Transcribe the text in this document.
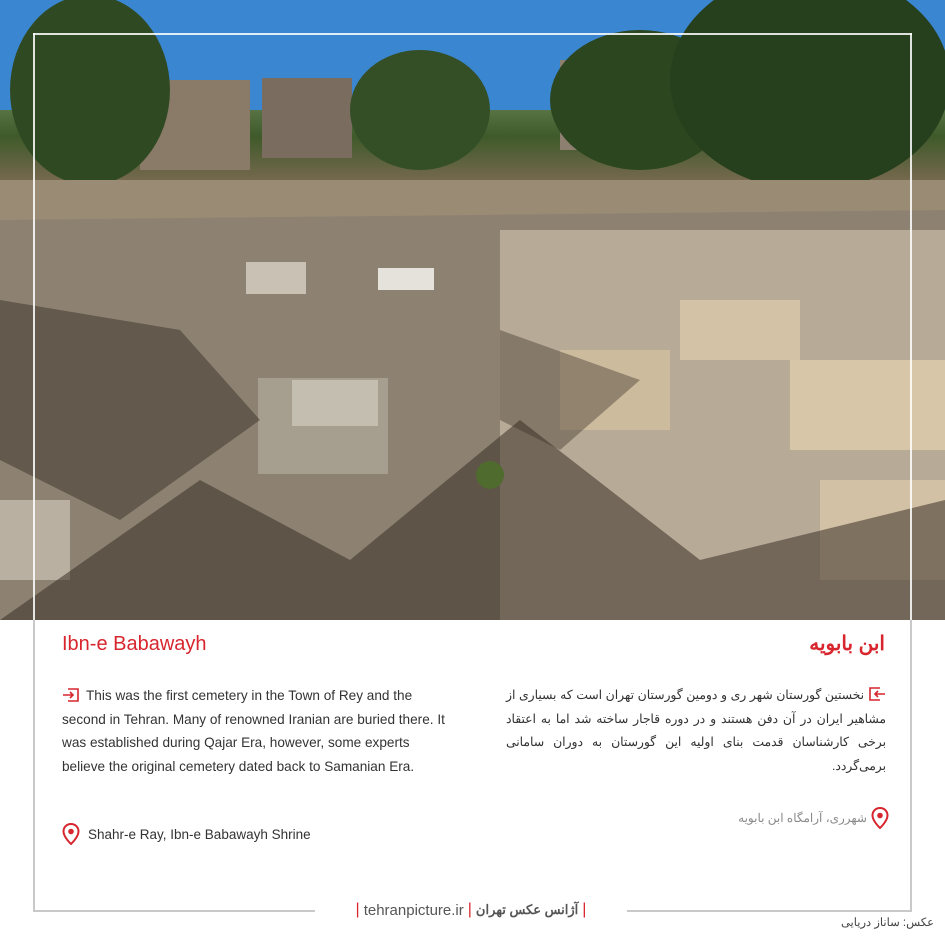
Ibn-e Babawayh	ابن بابویه
This was the first cemetery in the Town of Rey and the second in Tehran. Many of renowned Iranian are buried there. It was established during Qajar Era, however, some experts believe the original cemetery dated back to Samanian Era.
نخستین گورستان شهر ری و دومین گورستان تهران است که بسیاری از مشاهیر ایران در آن دفن هستند و در دوره قاجار ساخته شد اما به اعتقاد برخی کارشناسان قدمت بنای اولیه این گورستان به دوران سامانی برمی‌گردد.
Shahr-e Ray, Ibn-e Babawayh Shrine
شهرری، آرامگاه ابن بابویه
| tehranpicture.ir | آژانس عکس تهران |
عکس: ساناز دریایی
